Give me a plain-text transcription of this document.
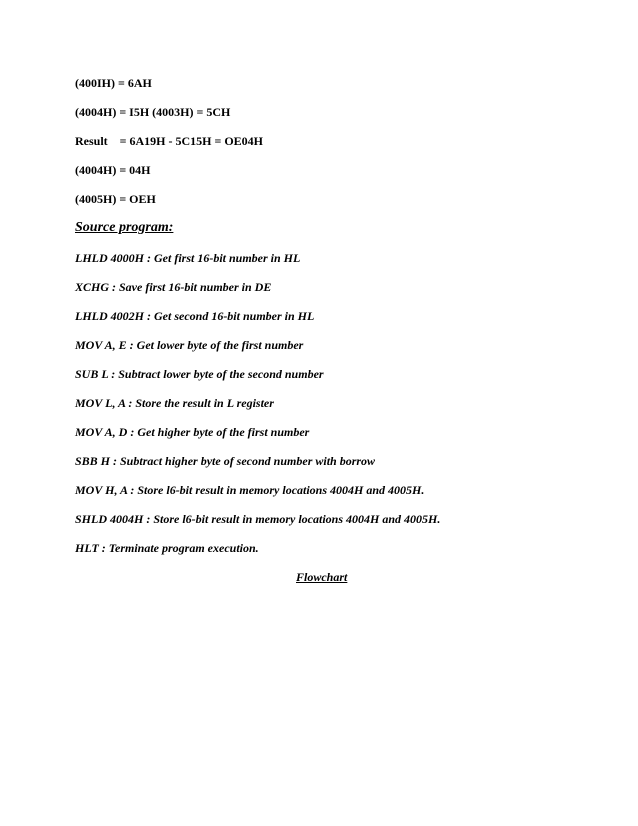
(400IH) = 6AH
(4004H) = I5H (4003H) = 5CH
Result    = 6A19H - 5C15H = OE04H
(4004H) = 04H
(4005H) = OEH
Source program:
LHLD 4000H : Get first 16-bit number in HL
XCHG : Save first 16-bit number in DE
LHLD 4002H : Get second 16-bit number in HL
MOV A, E : Get lower byte of the first number
SUB L : Subtract lower byte of the second number
MOV L, A : Store the result in L register
MOV A, D : Get higher byte of the first number
SBB H : Subtract higher byte of second number with borrow
MOV H, A : Store l6-bit result in memory locations 4004H and 4005H.
SHLD 4004H : Store l6-bit result in memory locations 4004H and 4005H.
HLT : Terminate program execution.
Flowchart
